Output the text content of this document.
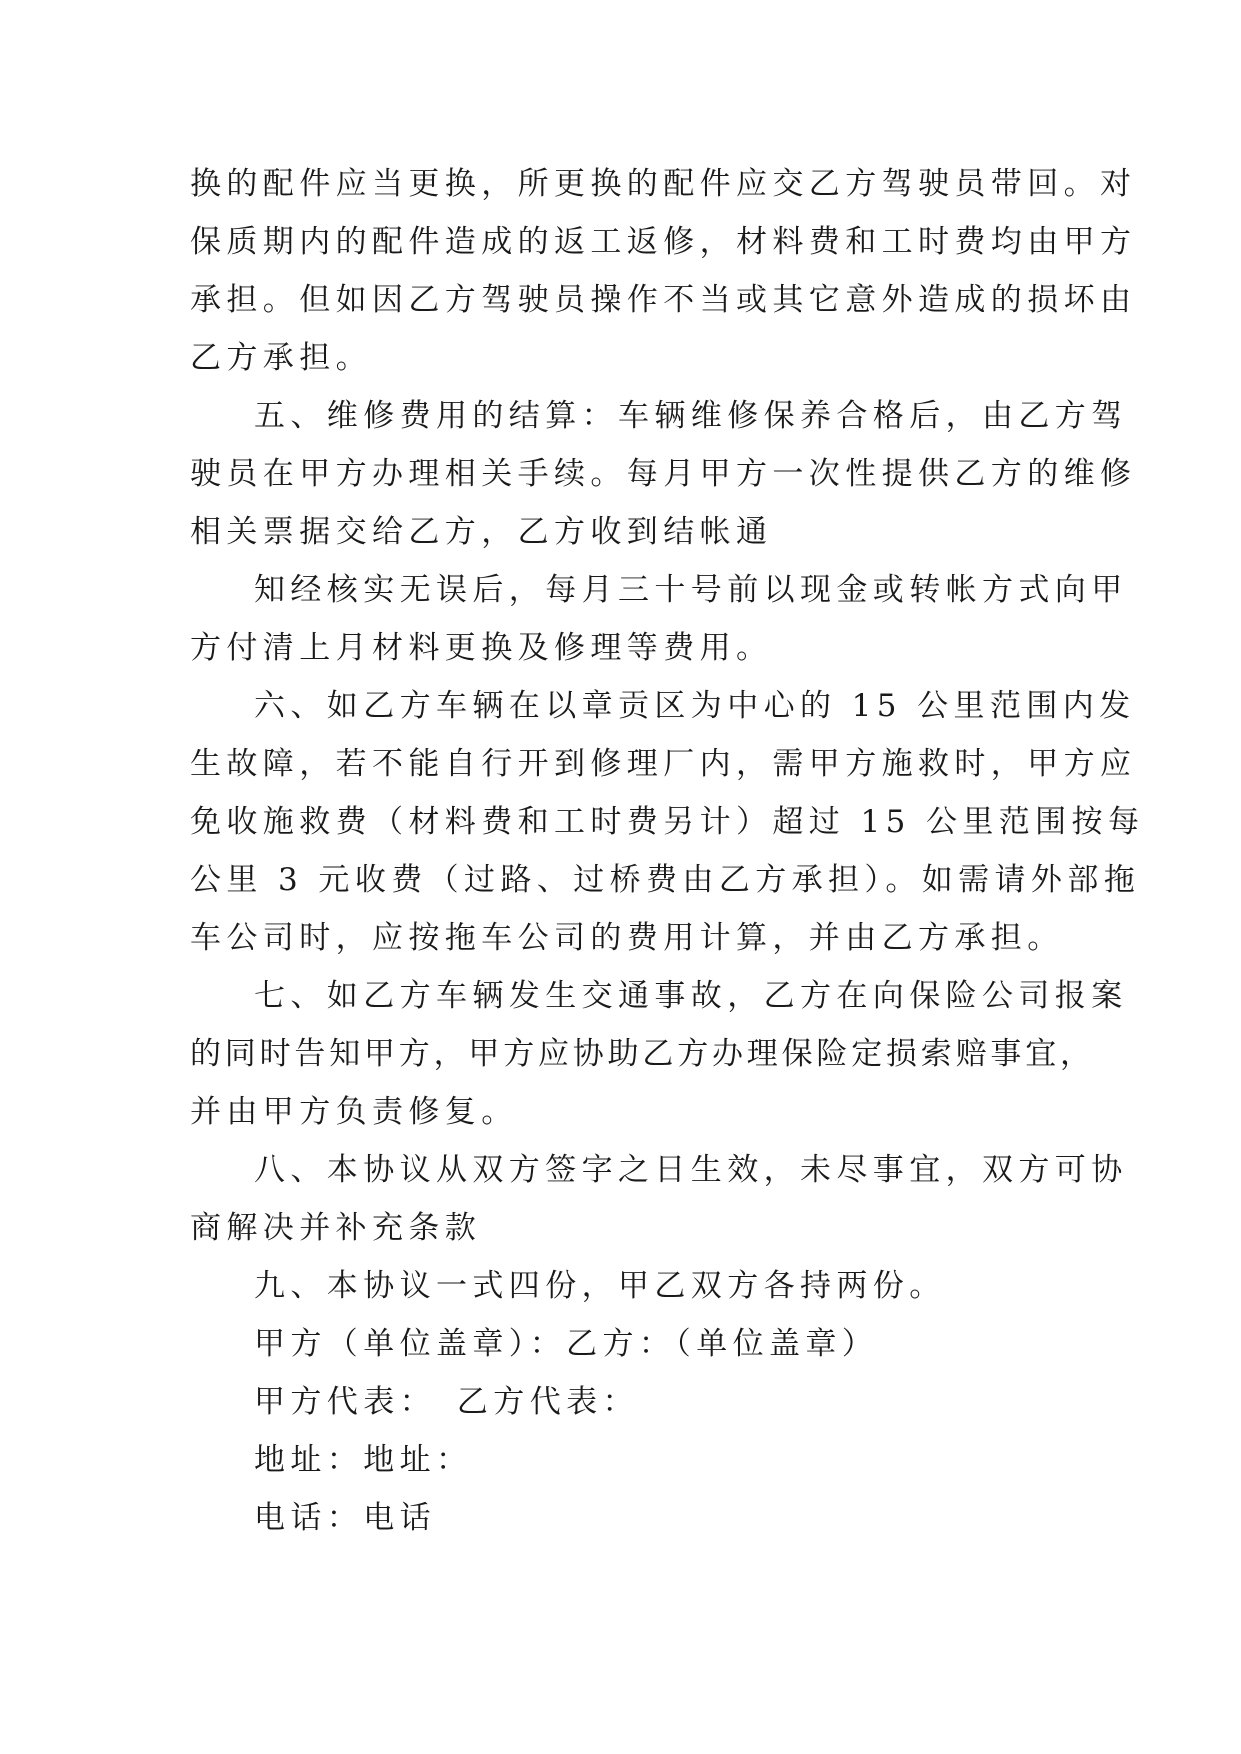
换的配件应当更换，所更换的配件应交乙方驾驶员带回。对
保质期内的配件造成的返工返修，材料费和工时费均由甲方
承担。但如因乙方驾驶员操作不当或其它意外造成的损坏由
乙方承担。
五、维修费用的结算：车辆维修保养合格后，由乙方驾
驶员在甲方办理相关手续。每月甲方一次性提供乙方的维修
相关票据交给乙方，乙方收到结帐通
知经核实无误后，每月三十号前以现金或转帐方式向甲
方付清上月材料更换及修理等费用。
六、如乙方车辆在以章贡区为中心的 15 公里范围内发
生故障，若不能自行开到修理厂内，需甲方施救时，甲方应
免收施救费（材料费和工时费另计）超过 15 公里范围按每
公里 3 元收费（过路、过桥费由乙方承担）。如需请外部拖
车公司时，应按拖车公司的费用计算，并由乙方承担。
七、如乙方车辆发生交通事故，乙方在向保险公司报案
的同时告知甲方，甲方应协助乙方办理保险定损索赔事宜，
并由甲方负责修复。
八、本协议从双方签字之日生效，未尽事宜，双方可协
商解决并补充条款
九、本协议一式四份，甲乙双方各持两份。
甲方（单位盖章）：乙方：（单位盖章）
甲方代表：　乙方代表：
地址：地址：
电话：电话
